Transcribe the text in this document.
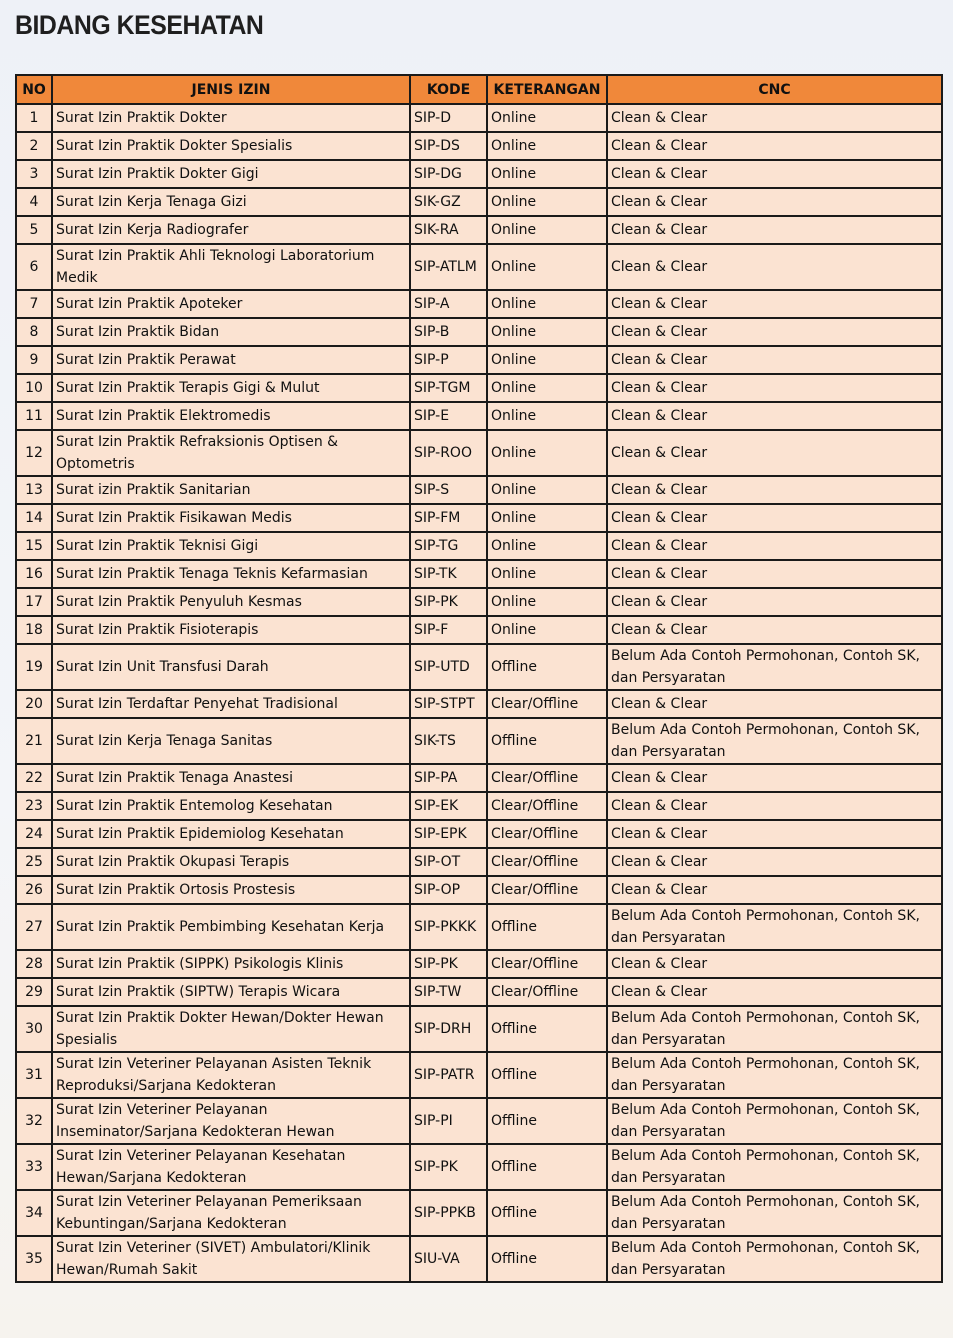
BIDANG KESEHATAN
NO	JENIS IZIN	KODE	KETERANGAN	CNC
1	Surat Izin Praktik Dokter	SIP-D	Online	Clean & Clear
2	Surat Izin Praktik Dokter Spesialis	SIP-DS	Online	Clean & Clear
3	Surat Izin Praktik Dokter Gigi	SIP-DG	Online	Clean & Clear
4	Surat Izin Kerja Tenaga Gizi	SIK-GZ	Online	Clean & Clear
5	Surat Izin Kerja Radiografer	SIK-RA	Online	Clean & Clear
6	Surat Izin Praktik Ahli Teknologi Laboratorium Medik	SIP-ATLM	Online	Clean & Clear
7	Surat Izin Praktik Apoteker	SIP-A	Online	Clean & Clear
8	Surat Izin Praktik Bidan	SIP-B	Online	Clean & Clear
9	Surat Izin Praktik Perawat	SIP-P	Online	Clean & Clear
10	Surat Izin Praktik Terapis Gigi & Mulut	SIP-TGM	Online	Clean & Clear
11	Surat Izin Praktik Elektromedis	SIP-E	Online	Clean & Clear
12	Surat Izin Praktik Refraksionis Optisen & Optometris	SIP-ROO	Online	Clean & Clear
13	Surat izin Praktik Sanitarian	SIP-S	Online	Clean & Clear
14	Surat Izin Praktik Fisikawan Medis	SIP-FM	Online	Clean & Clear
15	Surat Izin Praktik Teknisi Gigi	SIP-TG	Online	Clean & Clear
16	Surat Izin Praktik Tenaga Teknis Kefarmasian	SIP-TK	Online	Clean & Clear
17	Surat Izin Praktik Penyuluh Kesmas	SIP-PK	Online	Clean & Clear
18	Surat Izin Praktik Fisioterapis	SIP-F	Online	Clean & Clear
19	Surat Izin Unit Transfusi Darah	SIP-UTD	Offline	Belum Ada Contoh Permohonan, Contoh SK, dan Persyaratan
20	Surat Izin Terdaftar Penyehat Tradisional	SIP-STPT	Clear/Offline	Clean & Clear
21	Surat Izin Kerja Tenaga Sanitas	SIK-TS	Offline	Belum Ada Contoh Permohonan, Contoh SK, dan Persyaratan
22	Surat Izin Praktik Tenaga Anastesi	SIP-PA	Clear/Offline	Clean & Clear
23	Surat Izin Praktik Entemolog Kesehatan	SIP-EK	Clear/Offline	Clean & Clear
24	Surat Izin Praktik Epidemiolog Kesehatan	SIP-EPK	Clear/Offline	Clean & Clear
25	Surat Izin Praktik Okupasi Terapis	SIP-OT	Clear/Offline	Clean & Clear
26	Surat Izin Praktik Ortosis Prostesis	SIP-OP	Clear/Offline	Clean & Clear
27	Surat Izin Praktik Pembimbing Kesehatan Kerja	SIP-PKKK	Offline	Belum Ada Contoh Permohonan, Contoh SK, dan Persyaratan
28	Surat Izin Praktik (SIPPK) Psikologis Klinis	SIP-PK	Clear/Offline	Clean & Clear
29	Surat Izin Praktik (SIPTW) Terapis Wicara	SIP-TW	Clear/Offline	Clean & Clear
30	Surat Izin Praktik Dokter Hewan/Dokter Hewan Spesialis	SIP-DRH	Offline	Belum Ada Contoh Permohonan, Contoh SK, dan Persyaratan
31	Surat Izin Veteriner Pelayanan Asisten Teknik Reproduksi/Sarjana Kedokteran	SIP-PATR	Offline	Belum Ada Contoh Permohonan, Contoh SK, dan Persyaratan
32	Surat Izin Veteriner Pelayanan Inseminator/Sarjana Kedokteran Hewan	SIP-PI	Offline	Belum Ada Contoh Permohonan, Contoh SK, dan Persyaratan
33	Surat Izin Veteriner Pelayanan Kesehatan Hewan/Sarjana Kedokteran	SIP-PK	Offline	Belum Ada Contoh Permohonan, Contoh SK, dan Persyaratan
34	Surat Izin Veteriner Pelayanan Pemeriksaan Kebuntingan/Sarjana Kedokteran	SIP-PPKB	Offline	Belum Ada Contoh Permohonan, Contoh SK, dan Persyaratan
35	Surat Izin Veteriner (SIVET) Ambulatori/Klinik Hewan/Rumah Sakit	SIU-VA	Offline	Belum Ada Contoh Permohonan, Contoh SK, dan Persyaratan
